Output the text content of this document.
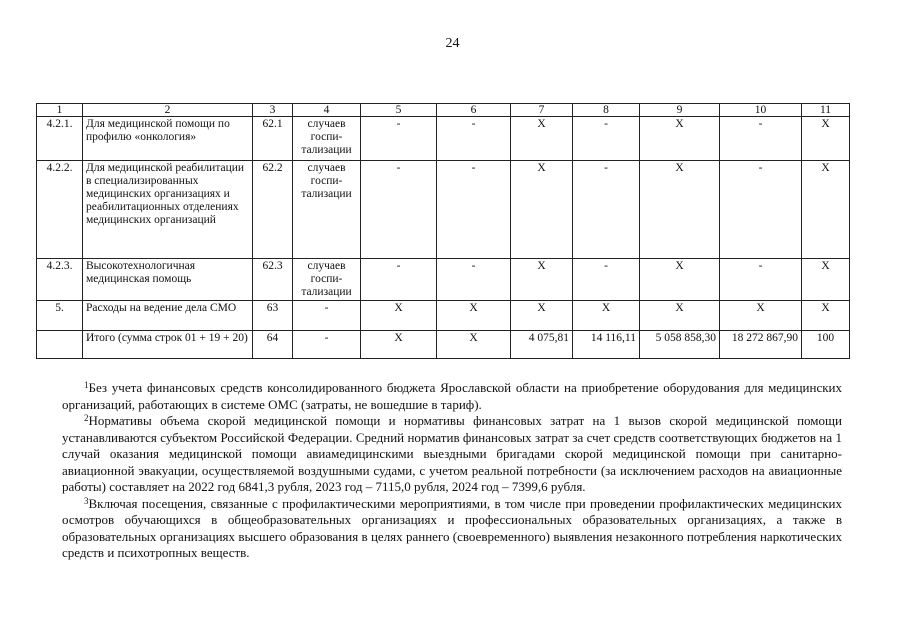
24
1	2	3	4	5	6	7	8	9	10	11
4.2.1.	Для медицинской помощи по профилю «онкология»	62.1	случаев госпи-тализации	-	-	X	-	X	-	X
4.2.2.	Для медицинской реабилитации в специализированных медицинских организациях и реабилитационных отделениях медицинских организаций	62.2	случаев госпи-тализации	-	-	X	-	X	-	X
4.2.3.	Высокотехнологичная медицинская помощь	62.3	случаев госпи-тализации	-	-	X	-	X	-	X
5.	Расходы на ведение дела СМО	63	-	X	X	X	X	X	X	X
	Итого (сумма строк 01 + 19 + 20)	64	-	X	X	4 075,81	14 116,11	5 058 858,30	18 272 867,90	100

$^1$Без учета финансовых средств консолидированного бюджета Ярославской области на приобретение оборудования для медицинских организаций, работающих в системе ОМС (затраты, не вошедшие в тариф).

$^2$Нормативы объема скорой медицинской помощи и нормативы финансовых затрат на 1 вызов скорой медицинской помощи устанавливаются субъектом Российской Федерации. Средний норматив финансовых затрат за счет средств соответствующих бюджетов на 1 случай оказания медицинской помощи авиамедицинскими выездными бригадами скорой медицинской помощи при санитарно-авиационной эвакуации, осуществляемой воздушными судами, с учетом реальной потребности (за исключением расходов на авиационные работы) составляет на 2022 год 6841,3 рубля, 2023 год – 7115,0 рубля, 2024 год – 7399,6 рубля.

$^3$Включая посещения, связанные с профилактическими мероприятиями, в том числе при проведении профилактических медицинских осмотров обучающихся в общеобразовательных организациях и профессиональных образовательных организациях, а также в образовательных организациях высшего образования в целях раннего (своевременного) выявления незаконного потребления наркотических средств и психотропных веществ.
